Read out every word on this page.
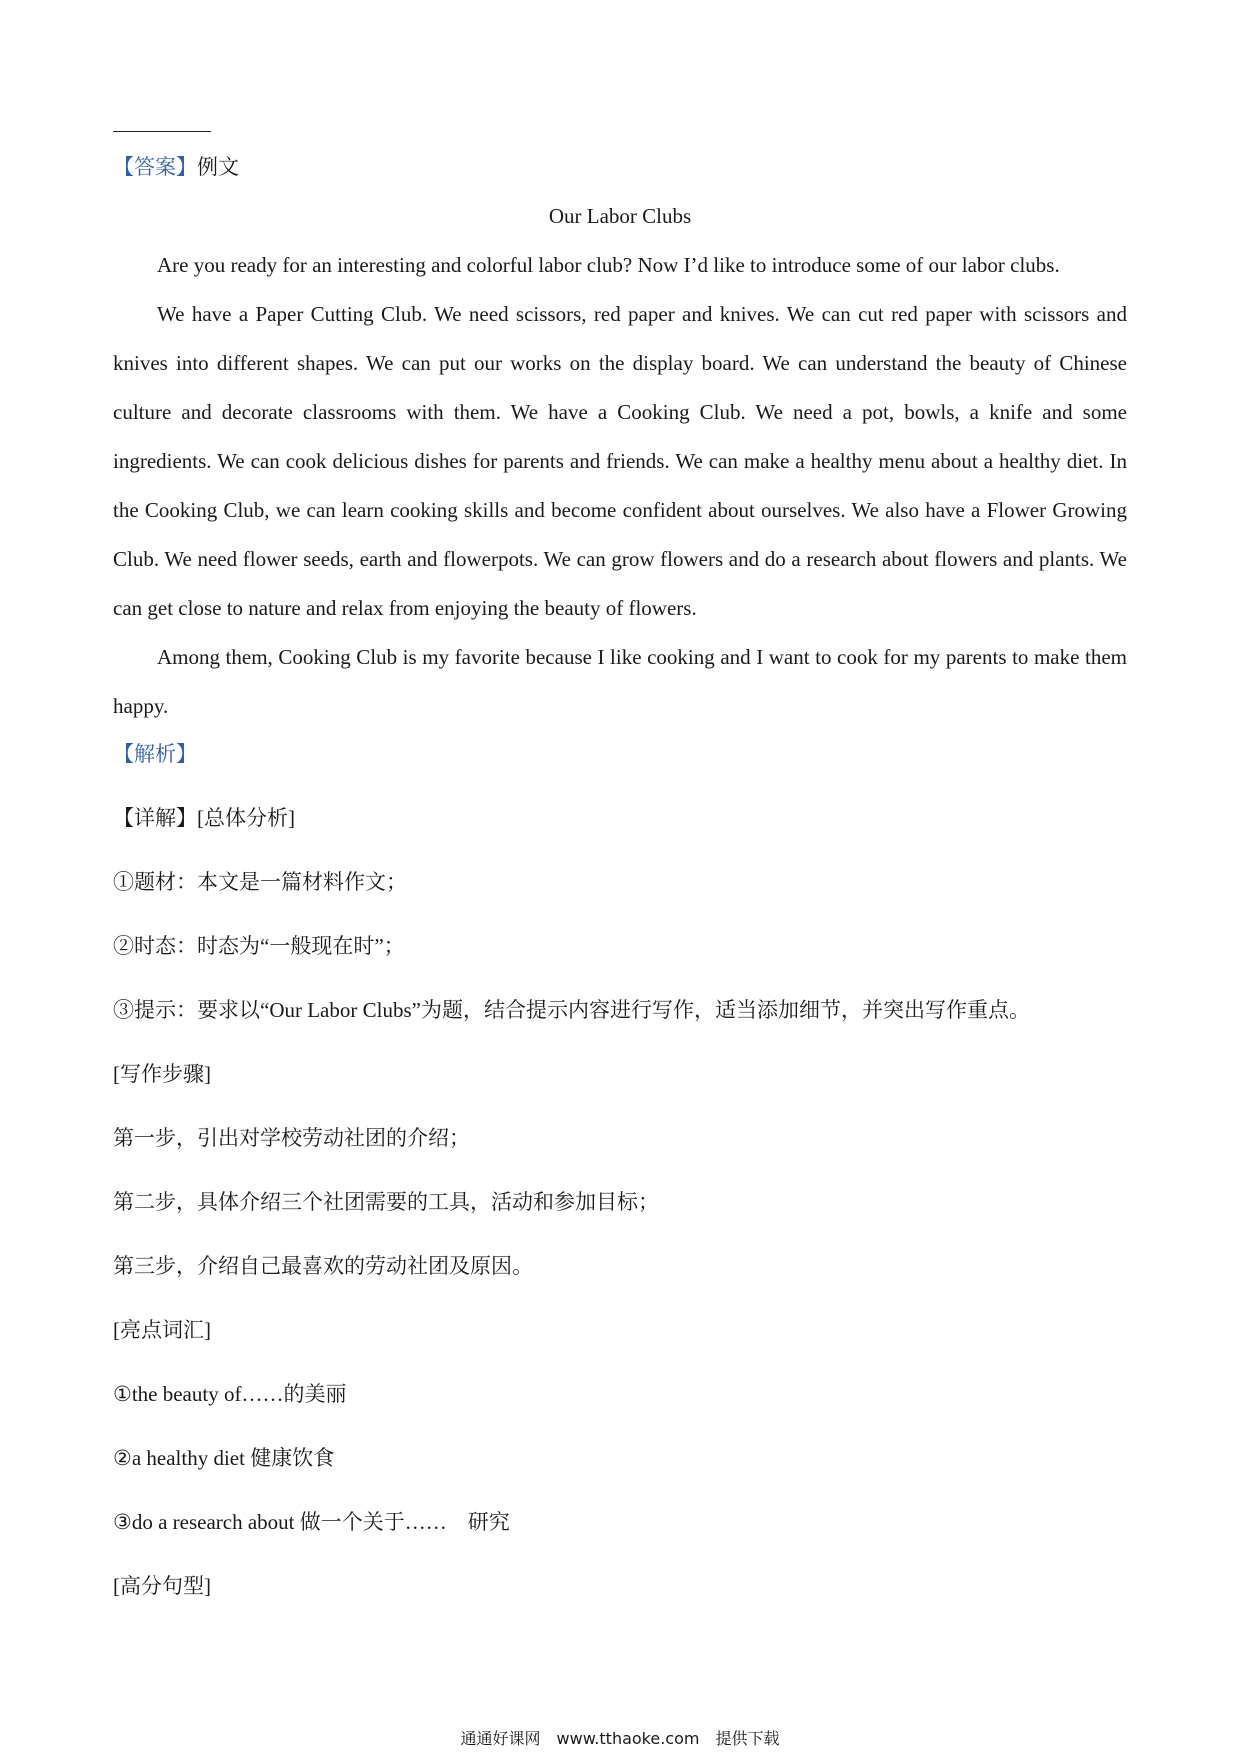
【答案】例文
Our Labor Clubs
Are you ready for an interesting and colorful labor club? Now I’d like to introduce some of our labor clubs.
We have a Paper Cutting Club. We need scissors, red paper and knives. We can cut red paper with scissors and knives into different shapes. We can put our works on the display board. We can understand the beauty of Chinese culture and decorate classrooms with them. We have a Cooking Club. We need a pot, bowls, a knife and some ingredients. We can cook delicious dishes for parents and friends. We can make a healthy menu about a healthy diet. In the Cooking Club, we can learn cooking skills and become confident about ourselves. We also have a Flower Growing Club. We need flower seeds, earth and flowerpots. We can grow flowers and do a research about flowers and plants. We can get close to nature and relax from enjoying the beauty of flowers.
Among them, Cooking Club is my favorite because I like cooking and I want to cook for my parents to make them happy.
【解析】
【详解】[总体分析]
①题材：本文是一篇材料作文；
②时态：时态为“一般现在时”；
③提示：要求以“Our Labor Clubs”为题，结合提示内容进行写作，适当添加细节，并突出写作重点。
[写作步骤]
第一步，引出对学校劳动社团的介绍；
第二步，具体介绍三个社团需要的工具，活动和参加目标；
第三步，介绍自己最喜欢的劳动社团及原因。
[亮点词汇]
①the beauty of……的美丽
②a healthy diet 健康饮食
③do a research about 做一个关于……　研究
[高分句型]
通通好课网　www.tthaoke.com　提供下载
